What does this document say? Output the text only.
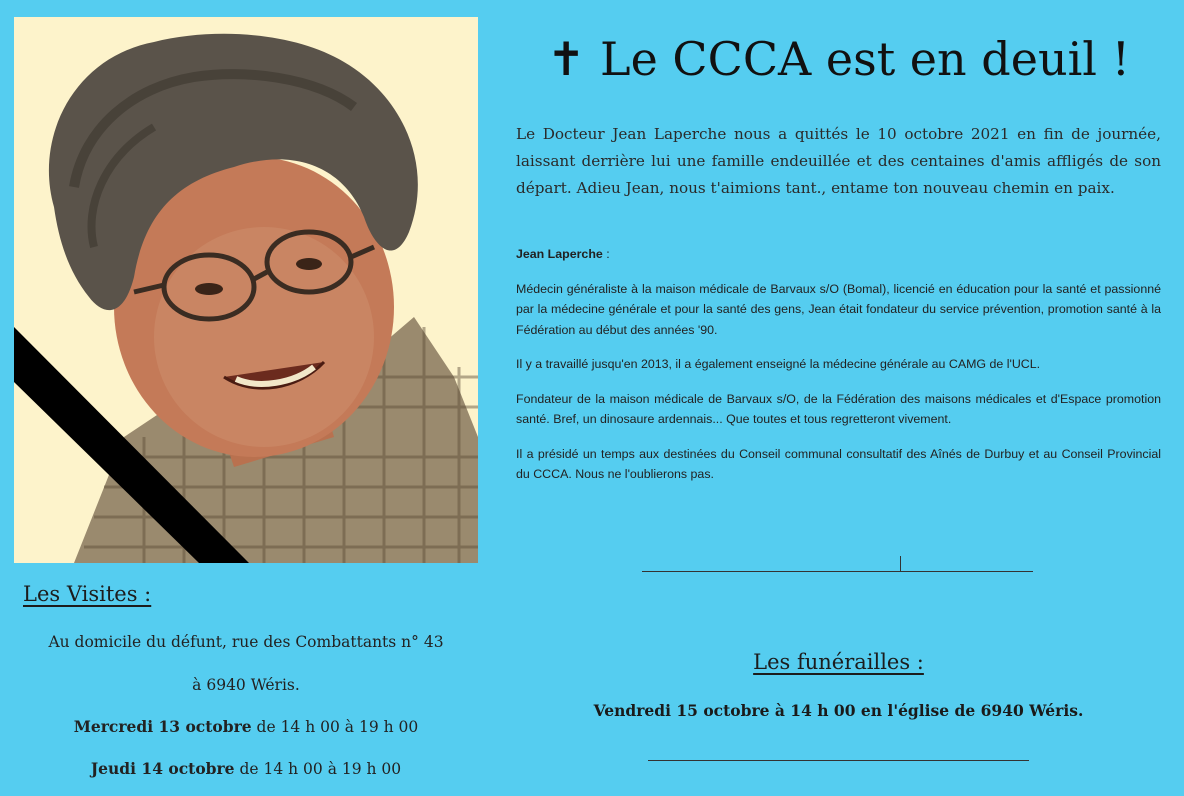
✝ Le CCCA est en deuil !

Le Docteur Jean Laperche nous a quittés le 10 octobre 2021 en fin de journée, laissant derrière lui une famille endeuillée et des centaines d'amis affligés de son départ. Adieu Jean, nous t'aimions tant., entame ton nouveau chemin en paix.

Jean Laperche :

Médecin généraliste à la maison médicale de Barvaux s/O (Bomal), licencié en éducation pour la santé et passionné par la médecine générale et pour la santé des gens, Jean était fondateur du service prévention, promotion santé à la Fédération au début des années '90.

Il y a travaillé jusqu'en 2013, il a également enseigné la médecine générale au CAMG de l'UCL.

Fondateur de la maison médicale de Barvaux s/O, de la Fédération des maisons médicales et d'Espace promotion santé. Bref, un dinosaure ardennais... Que toutes et tous regretteront vivement.

Il a présidé un temps aux destinées du Conseil communal consultatif des Aînés de Durbuy et au Conseil Provincial du CCCA. Nous ne l'oublierons pas.

Les Visites :

Au domicile du défunt, rue des Combattants n° 43

à 6940 Wéris.

Mercredi 13 octobre de 14 h 00 à 19 h 00

Jeudi 14 octobre de 14 h 00 à 19 h 00

Les funérailles :

Vendredi 15 octobre à 14 h 00 en l'église de 6940 Wéris.
